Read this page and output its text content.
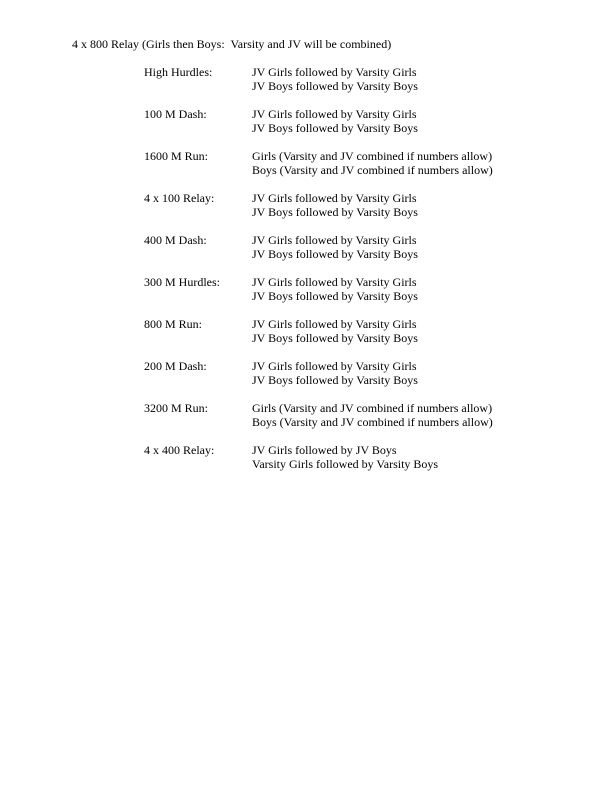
4 x 800 Relay (Girls then Boys:  Varsity and JV will be combined)
High Hurdles:	JV Girls followed by Varsity Girls
JV Boys followed by Varsity Boys
100 M Dash:	JV Girls followed by Varsity Girls
JV Boys followed by Varsity Boys
1600 M Run:	Girls (Varsity and JV combined if numbers allow)
Boys (Varsity and JV combined if numbers allow)
4 x 100 Relay:	JV Girls followed by Varsity Girls
JV Boys followed by Varsity Boys
400 M Dash:	JV Girls followed by Varsity Girls
JV Boys followed by Varsity Boys
300 M Hurdles:	JV Girls followed by Varsity Girls
JV Boys followed by Varsity Boys
800 M Run:	JV Girls followed by Varsity Girls
JV Boys followed by Varsity Boys
200 M Dash:	JV Girls followed by Varsity Girls
JV Boys followed by Varsity Boys
3200 M Run:	Girls (Varsity and JV combined if numbers allow)
Boys (Varsity and JV combined if numbers allow)
4 x 400 Relay:	JV Girls followed by JV Boys
Varsity Girls followed by Varsity Boys
